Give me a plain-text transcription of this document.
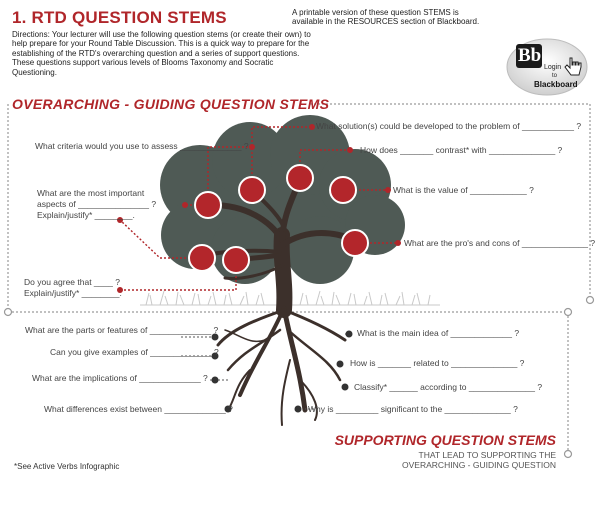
1. RTD QUESTION STEMS
Directions: Your lecturer will use the following question stems (or create their own) to help prepare for your Round Table Discussion. This is a quick way to prepare for the establishing of the RTD's overarching question and a series of support questions.
These questions support various levels of Blooms Taxonomy and Socratic Questioning.
A printable version of these question STEMS is available in the RESOURCES section of Blackboard.
Bb
Login
to
Blackboard
OVERARCHING - GUIDING QUESTION STEMS
What solution(s) could be developed to the problem of ___________ ?
What criteria would you use to assess _____________ ?	How does _______ contrast* with ______________ ?
What are the most important
aspects of _______________ ?
Explain/justify* ________.
What is the value of ____________ ?
What are the pro's and cons of ______________ ?
Do you agree that ____ ?
Explain/justify* ________.
What are the parts or features of _____________ ?
Can you give examples of _____________ ?
What are the implications of _____________ ?
What differences exist between _____________ ?
What is the main idea of _____________ ?
How is _______ related to ______________ ?
Classify* ______ according to ______________ ?
Why is _________ significant to the ______________ ?
SUPPORTING QUESTION STEMS
THAT LEAD TO SUPPORTING THE
OVERARCHING - GUIDING QUESTION
*See Active Verbs Infographic
